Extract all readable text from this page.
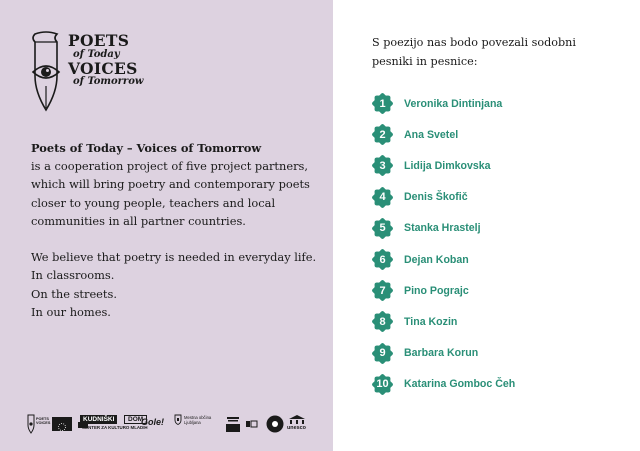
POETS
of Today
VOICES
of Tomorrow
Poets of Today – Voices of Tomorrow
is a cooperation project of five project partners,
which will bring poetry and contemporary poets
closer to young people, teachers and local
communities in all partner countries.
We believe that poetry is needed in everyday life.
In classrooms.
On the streets.
In our homes.
S poezijo nas bodo povezali sodobni
pesniki in pesnice:
1	Veronika Dintinjana
2	Ana Svetel
3	Lidija Dimkovska
4	Denis Škofič
5	Stanka Hrastelj
6	Dejan Koban
7	Pino Pograjc
8	Tina Kozin
9	Barbara Korun
10	Katarina Gomboc Čeh
POETS VOICES
KUDNIŠKI	DOM
CENTER ZA KULTURO MLADIH
Gole!	Mestna občina Ljubljana
unesco
